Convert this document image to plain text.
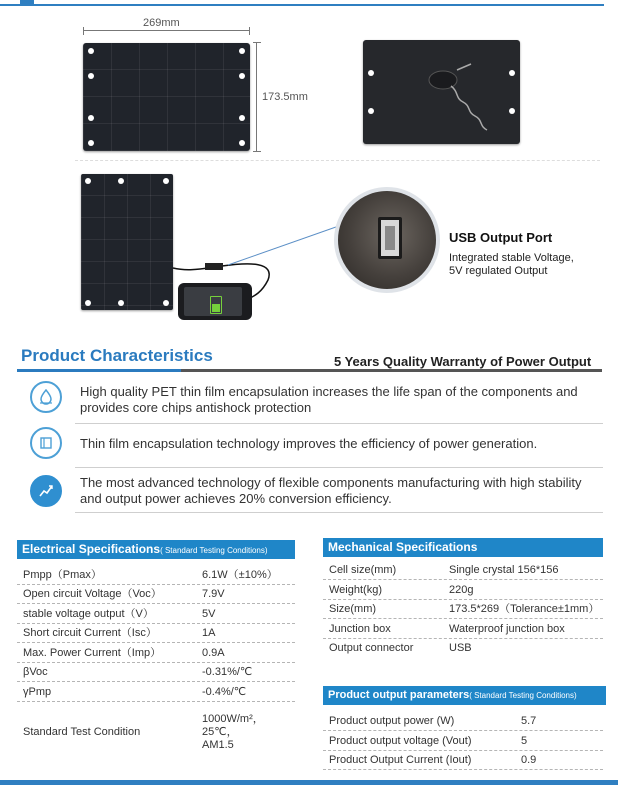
269mm
173.5mm
USB Output Port
Integrated stable Voltage,
5V regulated Output
Product Characteristics	5 Years Quality Warranty of Power Output
High quality PET thin film encapsulation increases the life span of the components and
provides core chips antishock protection
Thin film encapsulation technology improves the efficiency of power generation.
The most advanced technology of flexible components manufacturing with high stability
and output power achieves 20% conversion efficiency.
Electrical Specifications( Standard Testing Conditions)
Pmpp（Pmax）	6.1W（±10%）
Open circuit Voltage（Voc）	7.9V
stable voltage output（V）	5V
Short circuit Current（Isc）	1A
Max. Power Current（Imp）	0.9A
βVoc	-0.31%/℃
γPmp	-0.4%/℃
Standard Test Condition
1000W/m²，
25℃，
AM1.5
Mechanical Specifications
Cell size(mm)	Single crystal 156*156
Weight(kg)	220g
Size(mm)	173.5*269（Tolerance±1mm）
Junction box	Waterproof junction box
Output connector	USB
Product output parameters( Standard Testing Conditions)
Product output power (W)	5.7
Product output voltage (Vout)	5
Product Output Current (Iout)	0.9
